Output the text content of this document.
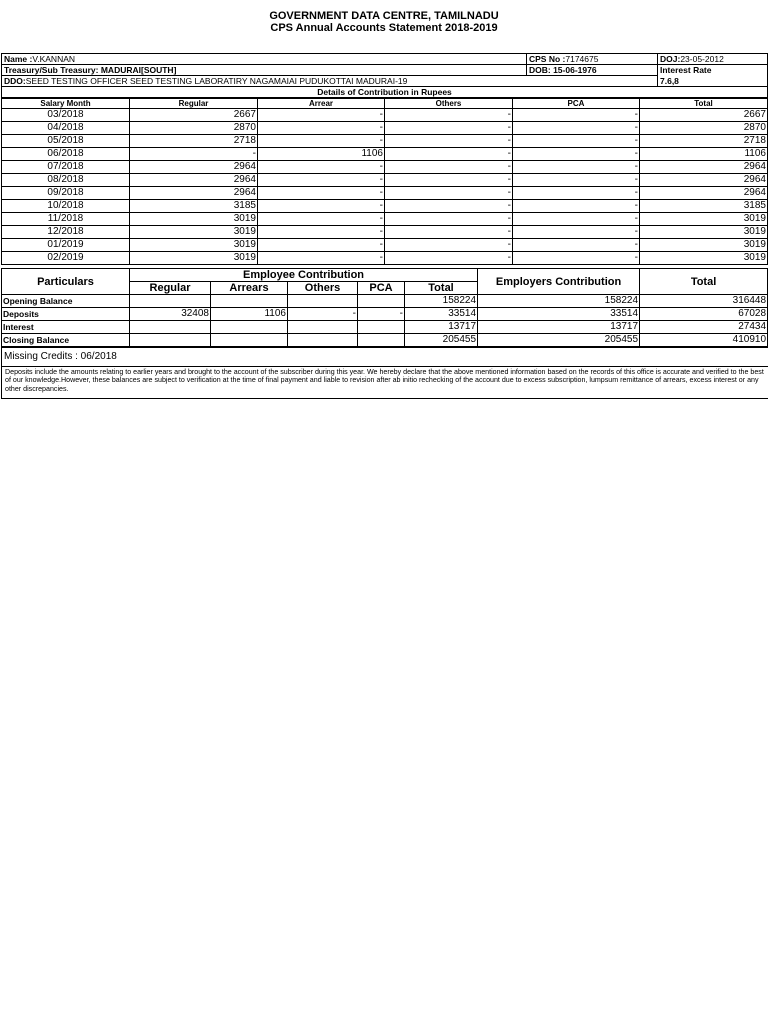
GOVERNMENT DATA CENTRE, TAMILNADU
CPS Annual Accounts Statement 2018-2019
Name :V.KANNAN	CPS No :7174675	DOJ:23-05-2012
Treasury/Sub Treasury: MADURAI[SOUTH]	DOB: 15-06-1976	Interest Rate
DDO:SEED TESTING OFFICER SEED TESTING LABORATIRY NAGAMAIAI PUDUKOTTAI MADURAI-19		7.6,8
Details of Contribution in Rupees		
Salary Month	Regular	Arrear	Others	PCA	Total
03/2018	2667	-	-	-	2667
04/2018	2870	-	-	-	2870
05/2018	2718	-	-	-	2718
06/2018	-	1106	-	-	1106
07/2018	2964	-	-	-	2964
08/2018	2964	-	-	-	2964
09/2018	2964	-	-	-	2964
10/2018	3185	-	-	-	3185
11/2018	3019	-	-	-	3019
12/2018	3019	-	-	-	3019
01/2019	3019	-	-	-	3019
02/2019	3019	-	-	-	3019
Particulars	Employee Contribution					Employers Contribution	Total
	Regular	Arrears	Others	PCA	Total		
Opening Balance					158224	158224	316448
Deposits	32408	1106	-	-	33514	33514	67028
Interest					13717	13717	27434
Closing Balance					205455	205455	410910
Missing Credits : 06/2018
Deposits include the amounts relating to earlier years and brought to the account of the subscriber during this year. We hereby declare that the above mentioned information based on the records of this office is accurate and verified to the best of our knowledge.However, these balances are subject to verification at the time of final payment and liable to revision after ab initio rechecking of the account due to excess subscription, lumpsum remittance of arrears, excess interest or any other discrepancies.
